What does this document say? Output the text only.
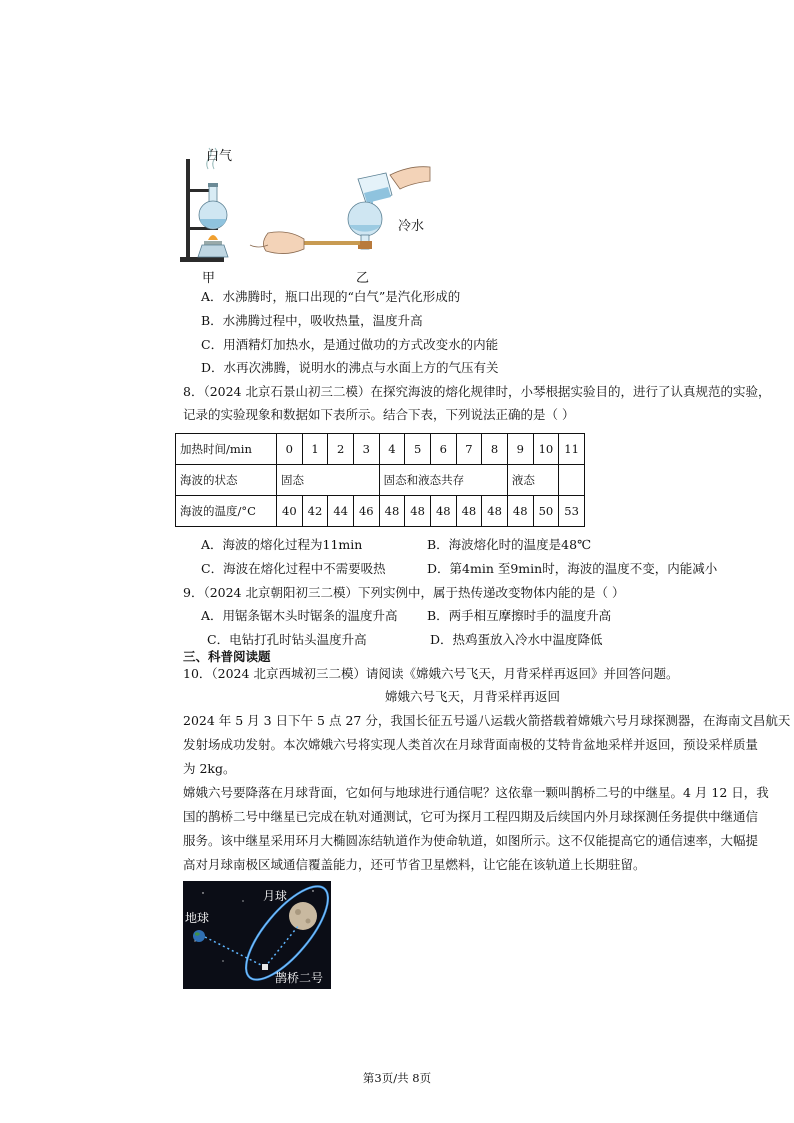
白气
冷水
甲	乙
A．水沸腾时，瓶口出现的“白气”是汽化形成的
B．水沸腾过程中，吸收热量，温度升高
C．用酒精灯加热水，是通过做功的方式改变水的内能
D．水再次沸腾，说明水的沸点与水面上方的气压有关
8．（2024 北京石景山初三二模）在探究海波的熔化规律时，小琴根据实验目的，进行了认真规范的实验，
记录的实验现象和数据如下表所示。结合下表，下列说法正确的是（ ）
加热时间/min	0	1	2	3	4	5	6	7	8	9	10	11
海波的状态	固态				固态和液态共存					液态		
海波的温度/°C	40	42	44	46	48	48	48	48	48	48	50	53
A．海波的熔化过程为11min	B．海波熔化时的温度是48℃
C．海波在熔化过程中不需要吸热	D．第4min 至9min时，海波的温度不变，内能减小
9．（2024 北京朝阳初三二模）下列实例中，属于热传递改变物体内能的是（ ）
A．用锯条锯木头时锯条的温度升高 B．两手相互摩擦时手的温度升高
C．电钻打孔时钻头温度升高	D．热鸡蛋放入冷水中温度降低
三、科普阅读题
10．（2024 北京西城初三二模）请阅读《嫦娥六号飞天，月背采样再返回》并回答问题。
嫦娥六号飞天，月背采样再返回
2024 年 5 月 3 日下午 5 点 27 分，我国长征五号遥八运载火箭搭载着嫦娥六号月球探测器，在海南文昌航天
发射场成功发射。本次嫦娥六号将实现人类首次在月球背面南极的艾特肯盆地采样并返回，预设采样质量
为 2kg。
嫦娥六号要降落在月球背面，它如何与地球进行通信呢？这依靠一颗叫鹊桥二号的中继星。4 月 12 日，我
国的鹊桥二号中继星已完成在轨对通测试，它可为探月工程四期及后续国内外月球探测任务提供中继通信
服务。该中继星采用环月大椭圆冻结轨道作为使命轨道，如图所示。这不仅能提高它的通信速率，大幅提
高对月球南极区域通信覆盖能力，还可节省卫星燃料，让它能在该轨道上长期驻留。
月球
地球
鹊桥二号
第3页/共 8页
